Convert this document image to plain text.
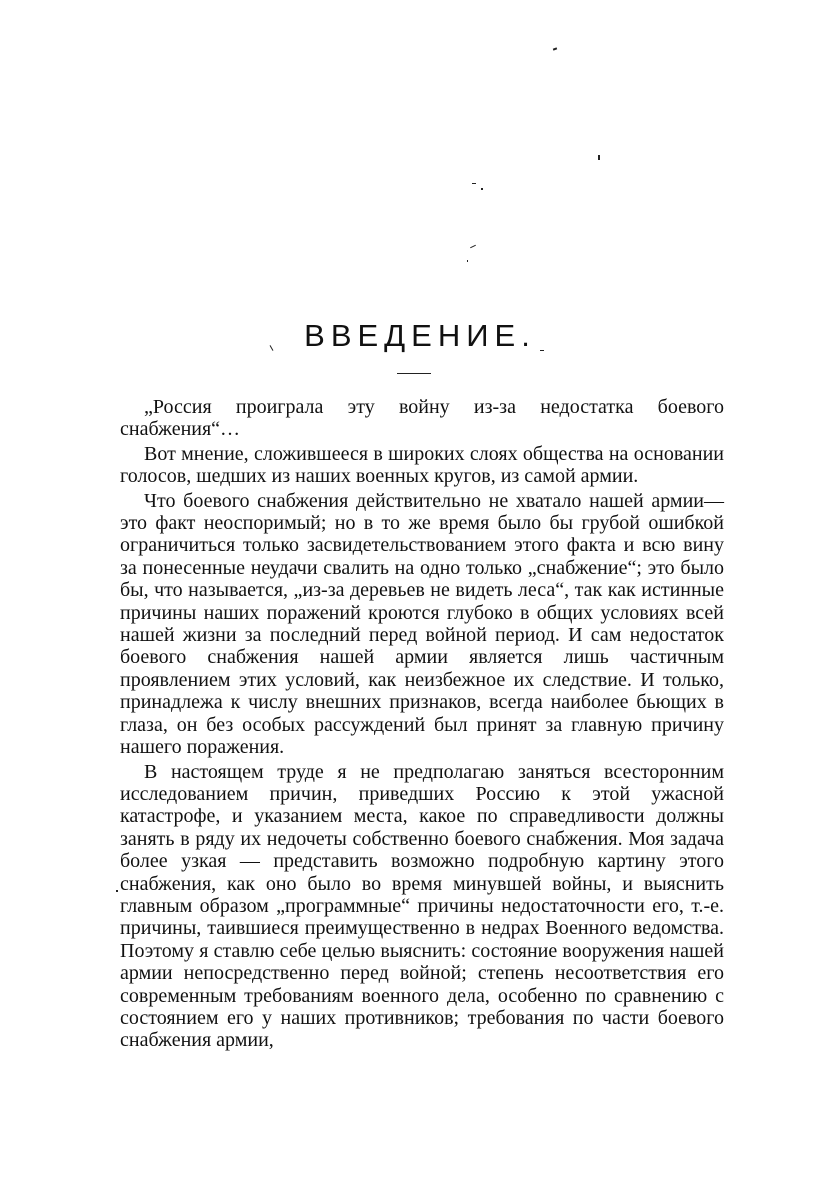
ВВЕДЕНИЕ.

„Россия проиграла эту войну из-за недостатка боевого снабжения“…

Вот мнение, сложившееся в широких слоях общества на основании голосов, шедших из наших военных кругов, из самой армии.

Что боевого снабжения действительно не хватало нашей армии—это факт неоспоримый; но в то же время было бы грубой ошибкой ограничиться только засвидетельствованием этого факта и всю вину за понесенные неудачи свалить на одно только „снабжение“; это было бы, что называется, „из-за деревьев не видеть леса“, так как истинные причины наших поражений кроются глубоко в общих условиях всей нашей жизни за последний перед войной период. И сам недостаток боевого снабжения нашей армии является лишь частичным проявлением этих условий, как неизбежное их следствие. И только, принадлежа к числу внешних признаков, всегда наиболее бьющих в глаза, он без особых рассуждений был принят за главную причину нашего поражения.

В настоящем труде я не предполагаю заняться всесторонним исследованием причин, приведших Россию к этой ужасной катастрофе, и указанием места, какое по справедливости должны занять в ряду их недочеты собственно боевого снабжения. Моя задача более узкая — представить возможно подробную картину этого снабжения, как оно было во время минувшей войны, и выяснить главным образом „программные“ причины недостаточности его, т.-е. причины, таившиеся преимущественно в недрах Военного ведомства. Поэтому я ставлю себе целью выяснить: состояние вооружения нашей армии непосредственно перед войной; степень несоответствия его современным требованиям военного дела, особенно по сравнению с состоянием его у наших противников; требования по части боевого снабжения армии,
